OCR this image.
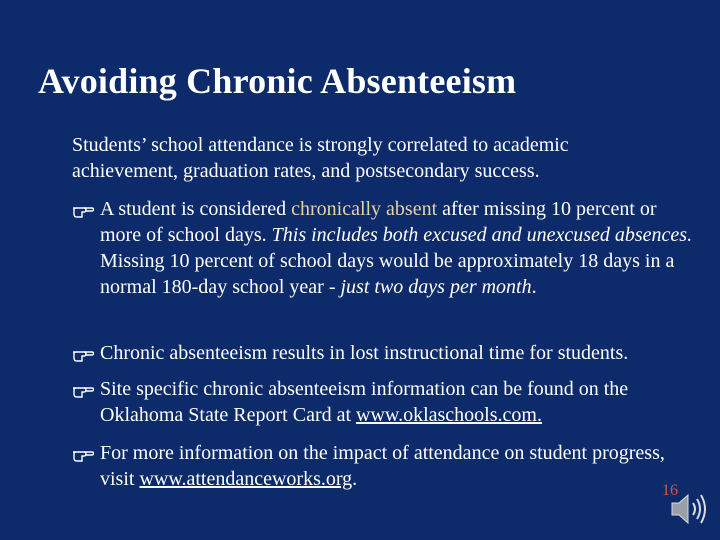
Avoiding Chronic Absenteeism
Students’ school attendance is strongly correlated to academic achievement, graduation rates, and postsecondary success.
A student is considered chronically absent after missing 10 percent or more of school days. This includes both excused and unexcused absences. Missing 10 percent of school days would be approximately 18 days in a normal 180-day school year - just two days per month.
Chronic absenteeism results in lost instructional time for students.
Site specific chronic absenteeism information can be found on the Oklahoma State Report Card at www.oklaschools.com.
For more information on the impact of attendance on student progress, visit www.attendanceworks.org.
16
